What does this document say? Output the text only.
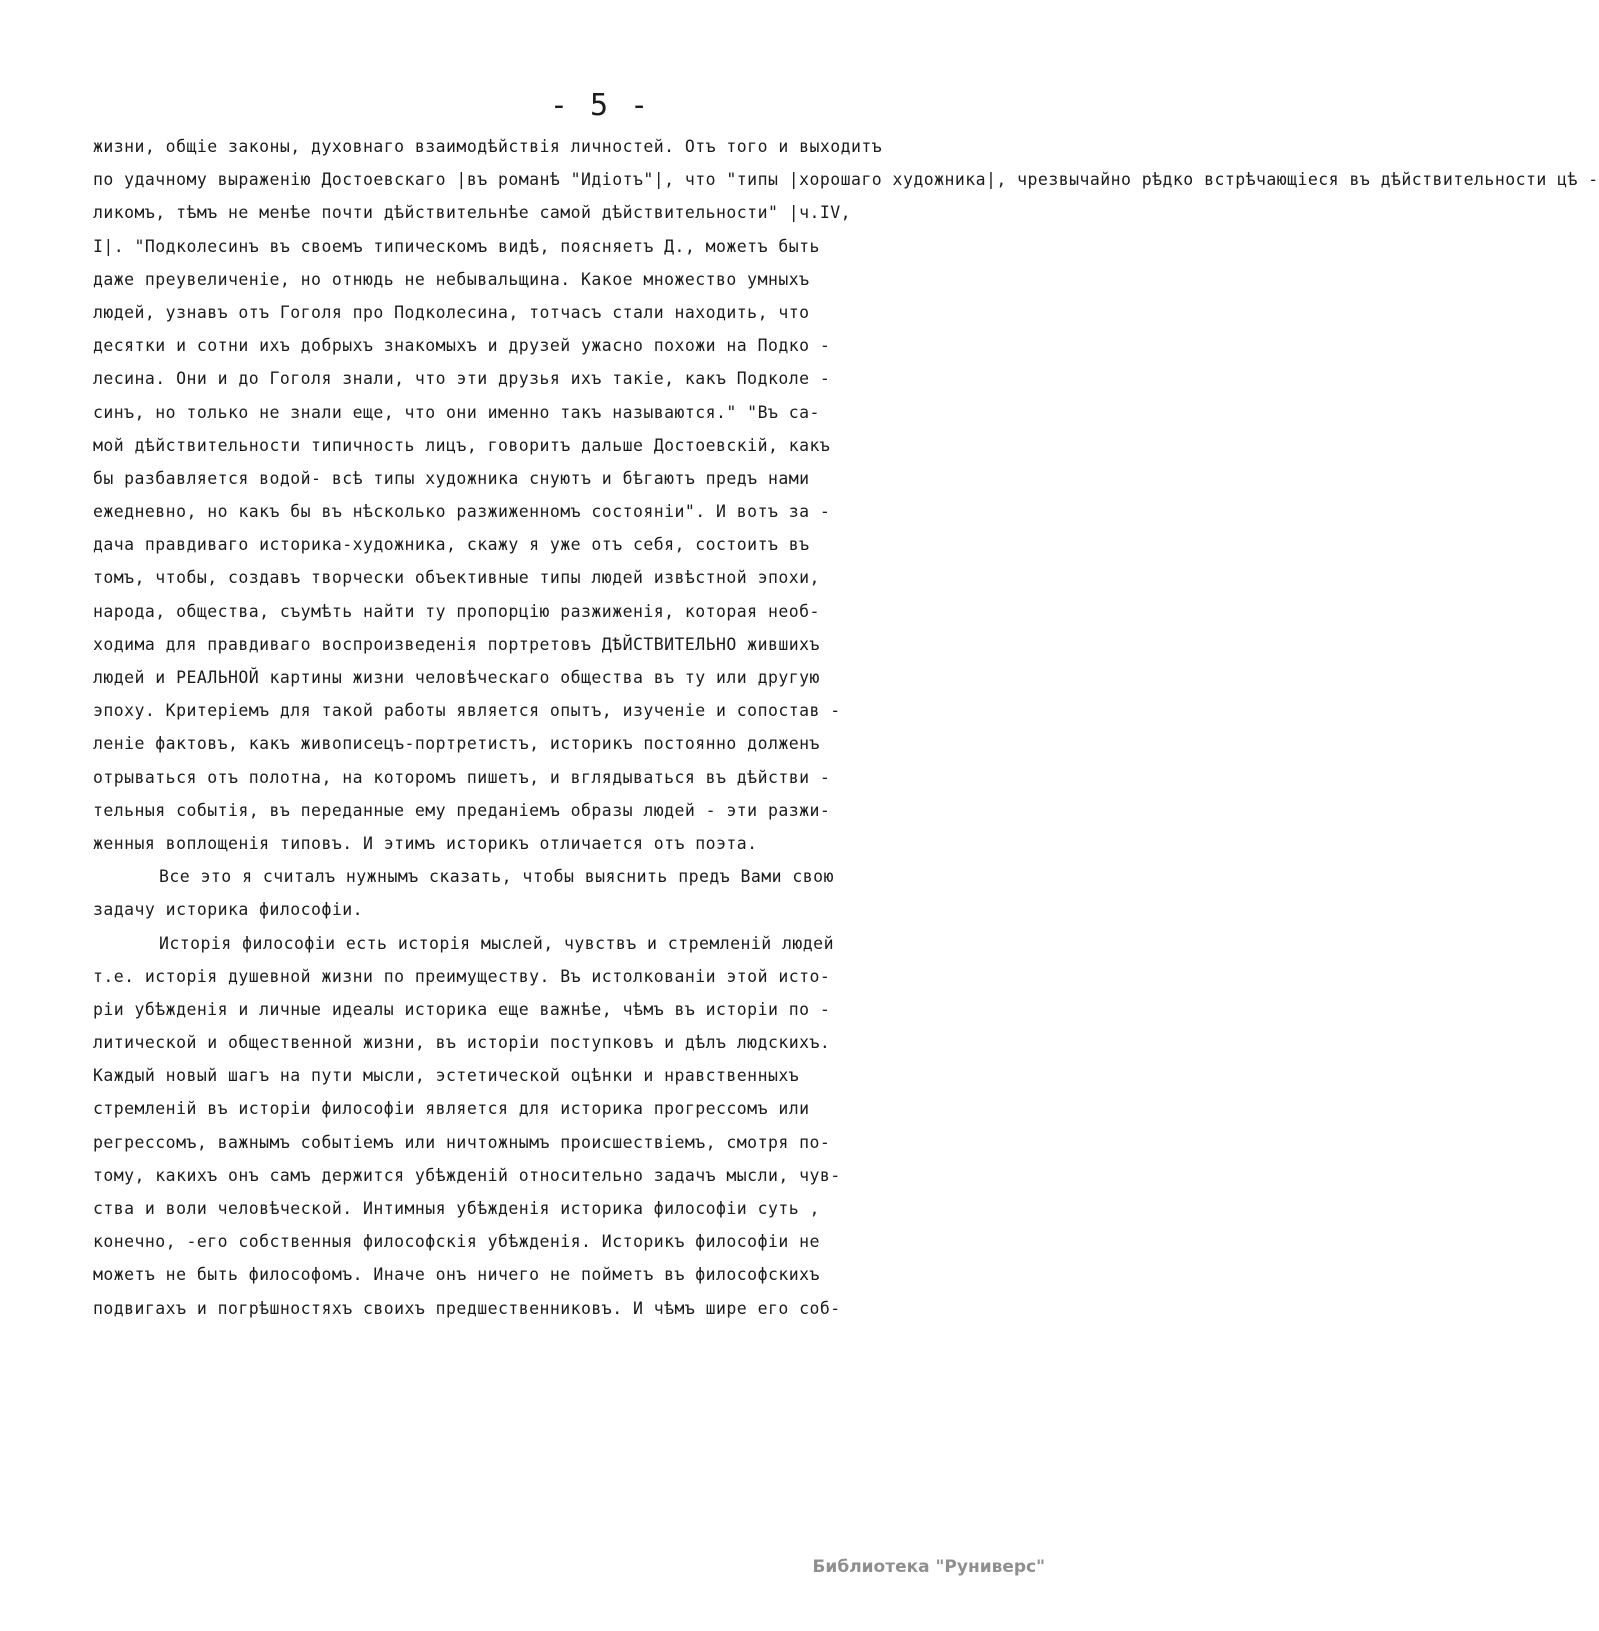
- 5 -
жизни, общіе законы, духовнаго взаимодѣйствія личностей. Отъ того и выходитъ
по удачному выраженію Достоевскаго |въ романѣ "Идіотъ"|, что "типы |хорошаго художника|, чрезвычайно рѣдко встрѣчающіеся въ дѣйствительности цѣ -
ликомъ, тѣмъ не менѣе почти дѣйствительнѣе самой дѣйствительности" |ч.IV,
I|. "Подколесинъ въ своемъ типическомъ видѣ, поясняетъ Д., можетъ быть
даже преувеличеніе, но отнюдь не небывальщина. Какое множество умныхъ
людей, узнавъ отъ Гоголя про Подколесина, тотчасъ стали находить, что
десятки и сотни ихъ добрыхъ знакомыхъ и друзей ужасно похожи на Подко -
лесина. Они и до Гоголя знали, что эти друзья ихъ такіе, какъ Подколе -
синъ, но только не знали еще, что они именно такъ называются." "Въ са-
мой дѣйствительности типичность лицъ, говоритъ дальше Достоевскій, какъ
бы разбавляется водой- всѣ типы художника снуютъ и бѣгаютъ предъ нами
ежедневно, но какъ бы въ нѣсколько разжиженномъ состояніи". И вотъ за -
дача правдиваго историка-художника, скажу я уже отъ себя, состоитъ въ
томъ, чтобы, создавъ творчески объективные типы людей извѣстной эпохи,
народа, общества, съумѣть найти ту пропорцію разжиженія, которая необ-
ходима для правдиваго воспроизведенія портретовъ ДѢЙСТВИТЕЛЬНО жившихъ
людей и РЕАЛЬНОЙ картины жизни человѣческаго общества въ ту или другую
эпоху. Критеріемъ для такой работы является опытъ, изученіе и сопостав -
леніе фактовъ, какъ живописецъ-портретистъ, историкъ постоянно долженъ
отрываться отъ полотна, на которомъ пишетъ, и вглядываться въ дѣйстви -
тельныя событія, въ переданные ему преданіемъ образы людей - эти разжи-
женныя воплощенія типовъ. И этимъ историкъ отличается отъ поэта.
Все это я считалъ нужнымъ сказать, чтобы выяснить предъ Вами свою
задачу историка философіи.
Исторія философіи есть исторія мыслей, чувствъ и стремленій людей
т.е. исторія душевной жизни по преимуществу. Въ истолкованіи этой исто-
ріи убѣжденія и личные идеалы историка еще важнѣе, чѣмъ въ исторіи по -
литической и общественной жизни, въ исторіи поступковъ и дѣлъ людскихъ.
Каждый новый шагъ на пути мысли, эстетической оцѣнки и нравственныхъ
стремленій въ исторіи философіи является для историка прогрессомъ или
регрессомъ, важнымъ событіемъ или ничтожнымъ происшествіемъ, смотря по-
тому, какихъ онъ самъ держится убѣжденій относительно задачъ мысли, чув-
ства и воли человѣческой. Интимныя убѣжденія историка философіи суть ,
конечно, -его собственныя философскія убѣжденія. Историкъ философіи не
можетъ не быть философомъ. Иначе онъ ничего не пойметъ въ философскихъ
подвигахъ и погрѣшностяхъ своихъ предшественниковъ. И чѣмъ шире его соб-
Библиотека "Руниверс"
